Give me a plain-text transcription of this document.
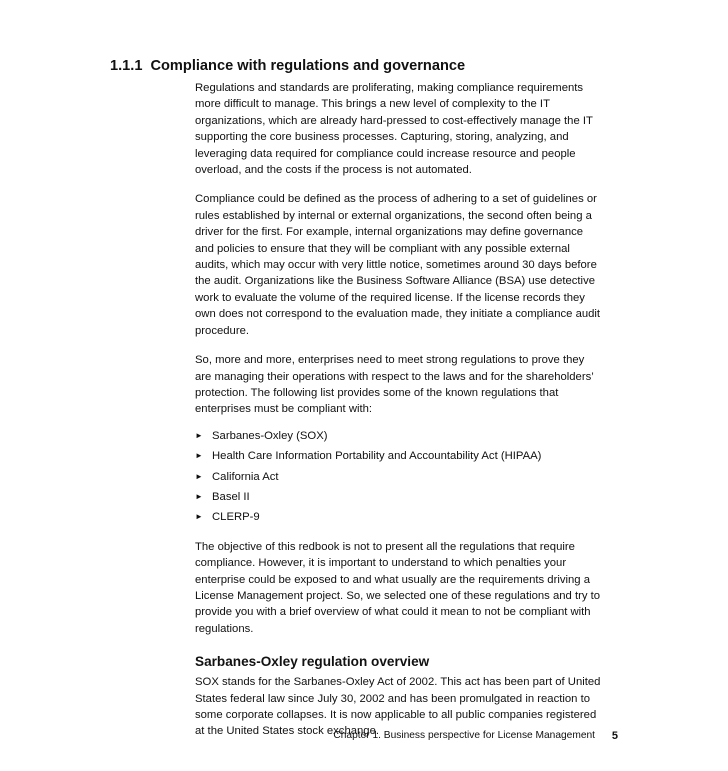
1.1.1 Compliance with regulations and governance

Regulations and standards are proliferating, making compliance requirements
more difficult to manage. This brings a new level of complexity to the IT
organizations, which are already hard-pressed to cost-effectively manage the IT
supporting the core business processes. Capturing, storing, analyzing, and
leveraging data required for compliance could increase resource and people
overload, and the costs if the process is not automated.

Compliance could be defined as the process of adhering to a set of guidelines or
rules established by internal or external organizations, the second often being a
driver for the first. For example, internal organizations may define governance
and policies to ensure that they will be compliant with any possible external
audits, which may occur with very little notice, sometimes around 30 days before
the audit. Organizations like the Business Software Alliance (BSA) use detective
work to evaluate the volume of the required license. If the license records they
own does not correspond to the evaluation made, they initiate a compliance audit
procedure.

So, more and more, enterprises need to meet strong regulations to prove they
are managing their operations with respect to the laws and for the shareholders’
protection. The following list provides some of the known regulations that
enterprises must be compliant with:

► Sarbanes-Oxley (SOX)
► Health Care Information Portability and Accountability Act (HIPAA)
► California Act
► Basel II
► CLERP-9

The objective of this redbook is not to present all the regulations that require
compliance. However, it is important to understand to which penalties your
enterprise could be exposed to and what usually are the requirements driving a
License Management project. So, we selected one of these regulations and try to
provide you with a brief overview of what could it mean to not be compliant with
regulations.

Sarbanes-Oxley regulation overview

SOX stands for the Sarbanes-Oxley Act of 2002. This act has been part of United
States federal law since July 30, 2002 and has been promulgated in reaction to
some corporate collapses. It is now applicable to all public companies registered
at the United States stock exchange.

Chapter 1. Business perspective for License Management 5
